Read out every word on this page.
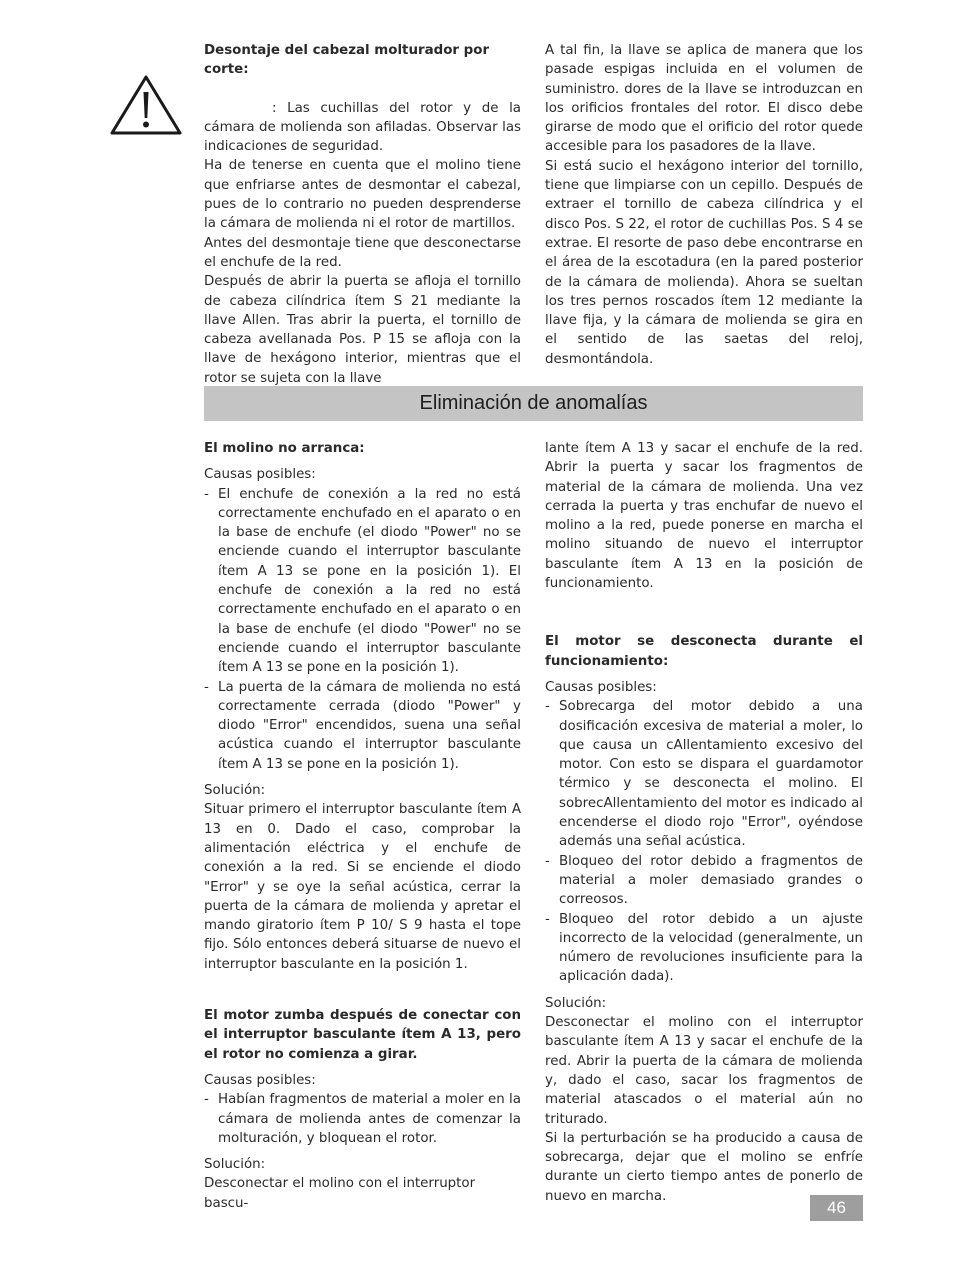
Desontaje del cabezal molturador por corte:

: Las cuchillas del rotor y de la cámara de molienda son afiladas. Observar las indicaciones de seguridad.

Ha de tenerse en cuenta que el molino tiene que enfriarse antes de desmontar el cabezal, pues de lo contrario no pueden desprenderse la cámara de molienda ni el rotor de martillos.

Antes del desmontaje tiene que desconectarse el enchufe de la red.

Después de abrir la puerta se afloja el tornillo de cabeza cilíndrica ítem S 21 mediante la llave Allen. Tras abrir la puerta, el tornillo de cabeza avellanada Pos. P 15 se afloja con la llave de hexágono interior, mientras que el rotor se sujeta con la llave

A tal fin, la llave se aplica de manera que los pasade espigas incluida en el volumen de suministro. dores de la llave se introduzcan en los orificios frontales del rotor. El disco debe girarse de modo que el orificio del rotor quede accesible para los pasadores de la llave.

Si está sucio el hexágono interior del tornillo, tiene que limpiarse con un cepillo. Después de extraer el tornillo de cabeza cilíndrica y el disco Pos. S 22, el rotor de cuchillas Pos. S 4 se extrae. El resorte de paso debe encontrarse en el área de la escotadura (en la pared posterior de la cámara de molienda). Ahora se sueltan los tres pernos roscados ítem 12 mediante la llave fija, y la cámara de molienda se gira en el sentido de las saetas del reloj, desmontándola.

Eliminación de anomalías

El molino no arranca:

Causas posibles:

- El enchufe de conexión a la red no está correctamente enchufado en el aparato o en la base de enchufe (el diodo "Power" no se enciende cuando el interruptor basculante ítem A 13 se pone en la posición 1). El enchufe de conexión a la red no está correctamente enchufado en el aparato o en la base de enchufe (el diodo "Power" no se enciende cuando el interruptor basculante ítem A 13 se pone en la posición 1).
- La puerta de la cámara de molienda no está correctamente cerrada (diodo "Power" y diodo "Error" encendidos, suena una señal acústica cuando el interruptor basculante ítem A 13 se pone en la posición 1).

Solución:

Situar primero el interruptor basculante ítem A 13 en 0. Dado el caso, comprobar la alimentación eléctrica y el enchufe de conexión a la red. Si se enciende el diodo "Error" y se oye la señal acústica, cerrar la puerta de la cámara de molienda y apretar el mando giratorio ítem P 10/ S 9 hasta el tope fijo. Sólo entonces deberá situarse de nuevo el interruptor basculante en la posición 1.

El motor zumba después de conectar con el interruptor basculante ítem A 13, pero el rotor no comienza a girar.

Causas posibles:

- Habían fragmentos de material a moler en la cámara de molienda antes de comenzar la molturación, y bloquean el rotor.

Solución:

Desconectar el molino con el interruptor bascu-

lante ítem A 13 y sacar el enchufe de la red. Abrir la puerta y sacar los fragmentos de material de la cámara de molienda. Una vez cerrada la puerta y tras enchufar de nuevo el molino a la red, puede ponerse en marcha el molino situando de nuevo el interruptor basculante ítem A 13 en la posición de funcionamiento.

El motor se desconecta durante el funcionamiento:

Causas posibles:

- Sobrecarga del motor debido a una dosificación excesiva de material a moler, lo que causa un cAllentamiento excesivo del motor. Con esto se dispara el guardamotor térmico y se desconecta el molino. El sobrecAllentamiento del motor es indicado al encenderse el diodo rojo "Error", oyéndose además una señal acústica.
- Bloqueo del rotor debido a fragmentos de material a moler demasiado grandes o correosos.
- Bloqueo del rotor debido a un ajuste incorrecto de la velocidad (generalmente, un número de revoluciones insuficiente para la aplicación dada).

Solución:

Desconectar el molino con el interruptor basculante ítem A 13 y sacar el enchufe de la red. Abrir la puerta de la cámara de molienda y, dado el caso, sacar los fragmentos de material atascados o el material aún no triturado.

Si la perturbación se ha producido a causa de sobrecarga, dejar que el molino se enfríe durante un cierto tiempo antes de ponerlo de nuevo en marcha.

46
